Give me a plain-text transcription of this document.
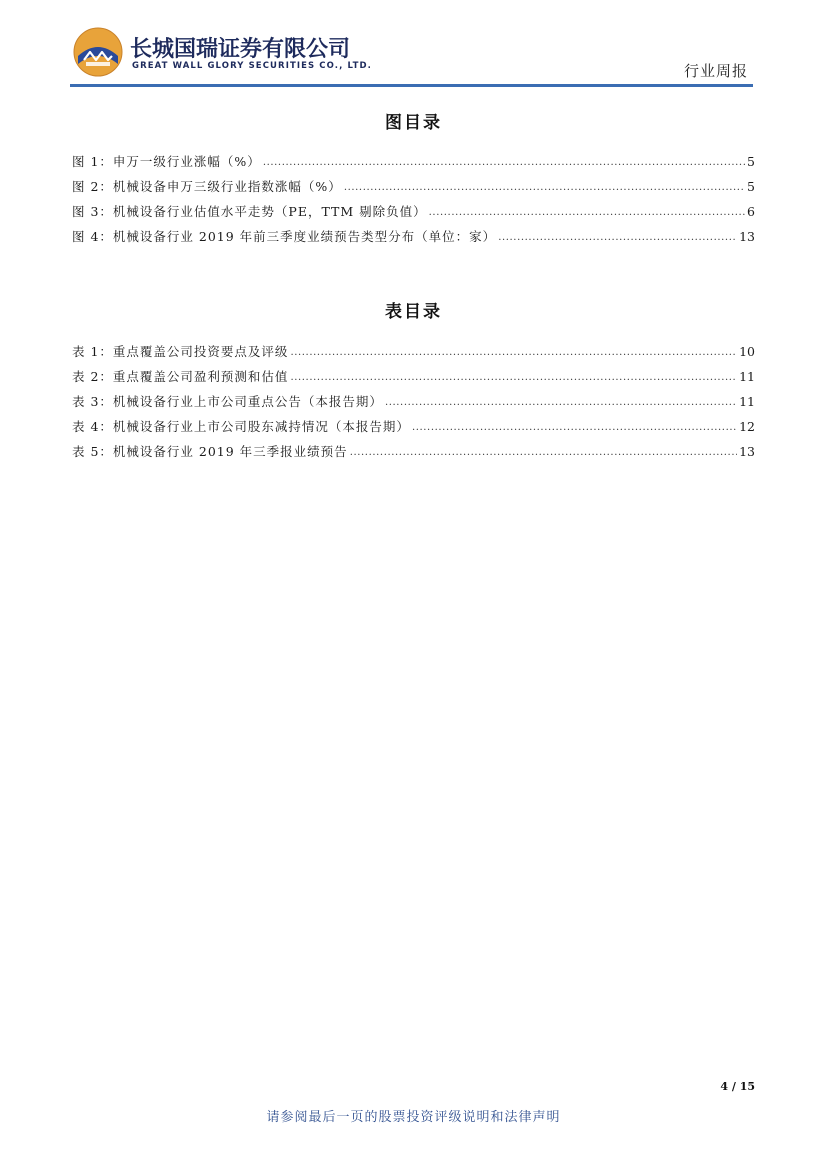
长城国瑞证券有限公司
GREAT WALL GLORY SECURITIES CO., LTD.	行业周报
图目录
图 1：申万一级行业涨幅（%） .....	5
图 2：机械设备申万三级行业指数涨幅（%） .....	5
图 3：机械设备行业估值水平走势（PE，TTM 剔除负值） .....	6
图 4：机械设备行业 2019 年前三季度业绩预告类型分布（单位：家） .....	13
表目录
表 1：重点覆盖公司投资要点及评级 .....	10
表 2：重点覆盖公司盈利预测和估值 .....	11
表 3：机械设备行业上市公司重点公告（本报告期） .....	11
表 4：机械设备行业上市公司股东减持情况（本报告期） .....	12
表 5：机械设备行业 2019 年三季报业绩预告 .....	13
4 / 15
请参阅最后一页的股票投资评级说明和法律声明
